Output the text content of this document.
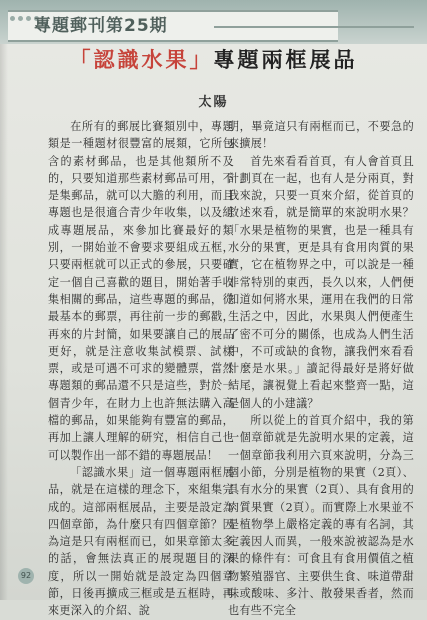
專題郵刊第25期
「認識水果」專題兩框展品
太陽

在所有的郵展比賽類別中，專題類是一種題材很豐富的展類，它所包含的素材郵品，也是其他類所不及的，只要知道那些素材郵品可用，不是集郵品，就可以大膽的利用，而且專題也是很適合青少年收集，以及組成專題展品，來參加比賽最好的類別，一開始並不會要求要組成五框，只要兩框就可以正式的參展，只要確定一個自己喜歡的題目，開始著手收集相關的郵品，這些專題的郵品，從最基本的郵票，再往前一步的郵戳，再來的片封簡，如果要讓自己的展品更好，就是注意收集試模票、試樣票，或是可遇不可求的變體票，當然專題類的郵品還不只是這些，對於一個青少年，在財力上也許無法購入高檔的郵品，如果能夠有豐富的郵品，再加上讓人理解的研究，相信自己也可以製作出一部不錯的專題展品！

「認識水果」這一個專題兩框展品，就是在這樣的理念下，來組集完成的。這部兩框展品，主要是設定為四個章節，為什麼只有四個章節？因為這是只有兩框而已，如果章節太多的話，會無法真正的展現題目的深度，所以一開始就是設定為四個章節，日後再擴成三框或是五框時，再來更深入的介紹、說

明，畢竟這只有兩框而已，不要急的來擴展！

首先來看看首頁，有人會首頁且計劃頁在一起，也有人是分兩頁，對我來說，只要一頁來介紹，從首頁的敘述來看，就是簡單的來說明水果？「水果是植物的果實，也是一種具有水分的果實，更是具有食用肉質的果實，它在植物界之中，可以說是一種非常特別的東西，長久以來，人們便知道如何將水果，運用在我們的日常生活之中，因此，水果與人們便產生了密不可分的關係，也成為人們生活中，不可或缺的食物，讓我們來看看什麼是水果。」讀記得最好是將好做結尾，讓視覺上看起來整齊一點，這是個人的小建議？

所以從上的首頁介紹中，我的第一個章節就是先說明水果的定義，這一個章節我利用六頁來說明，分為三個小節，分別是植物的果實（2頁）、具有水分的果實（2頁）、具有食用的肉質果實（2頁）。而實際上水果並不是植物學上嚴格定義的專有名詞，其定義因人而異，一般來說被認為是水果的條件有：可食且有食用價值之植物繁殖器官、主要供生食、味道帶甜味或酸味、多汁、散發果香者，然而也有些不完全

92
